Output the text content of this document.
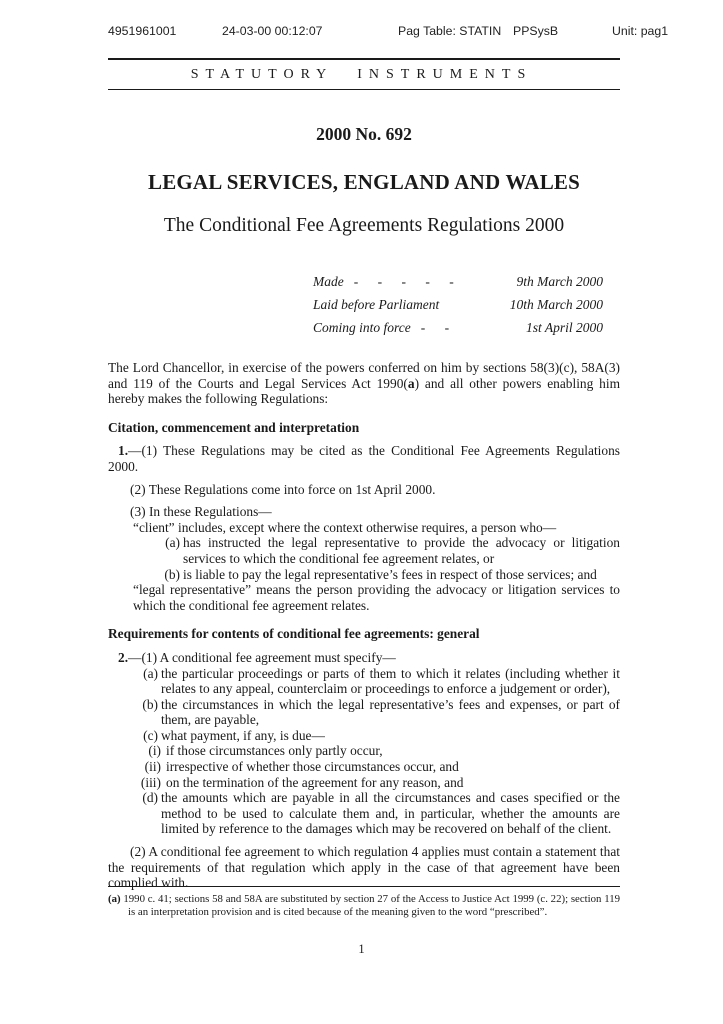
4951961001	24-03-00 00:12:07	Pag Table: STATIN PPSysB	Unit: pag1
STATUTORY INSTRUMENTS
2000 No. 692
LEGAL SERVICES, ENGLAND AND WALES
The Conditional Fee Agreements Regulations 2000
Made - - - - -	9th March 2000
Laid before Parliament	10th March 2000
Coming into force - -	1st April 2000

The Lord Chancellor, in exercise of the powers conferred on him by sections 58(3)(c), 58A(3) and 119 of the Courts and Legal Services Act 1990(a) and all other powers enabling him hereby makes the following Regulations:

Citation, commencement and interpretation

1.—(1) These Regulations may be cited as the Conditional Fee Agreements Regulations 2000.

(2) These Regulations come into force on 1st April 2000.

(3) In these Regulations—

“client” includes, except where the context otherwise requires, a person who—
(a) has instructed the legal representative to provide the advocacy or litigation services to which the conditional fee agreement relates, or
(b) is liable to pay the legal representative’s fees in respect of those services; and
“legal representative” means the person providing the advocacy or litigation services to which the conditional fee agreement relates.

Requirements for contents of conditional fee agreements: general

2.—(1) A conditional fee agreement must specify—

(a) the particular proceedings or parts of them to which it relates (including whether it relates to any appeal, counterclaim or proceedings to enforce a judgement or order),
(b) the circumstances in which the legal representative’s fees and expenses, or part of them, are payable,
(c) what payment, if any, is due—
(i) if those circumstances only partly occur,
(ii) irrespective of whether those circumstances occur, and
(iii) on the termination of the agreement for any reason, and
(d) the amounts which are payable in all the circumstances and cases specified or the method to be used to calculate them and, in particular, whether the amounts are limited by reference to the damages which may be recovered on behalf of the client.

(2) A conditional fee agreement to which regulation 4 applies must contain a statement that the requirements of that regulation which apply in the case of that agreement have been complied with.

(a) 1990 c. 41; sections 58 and 58A are substituted by section 27 of the Access to Justice Act 1999 (c. 22); section 119 is an interpretation provision and is cited because of the meaning given to the word “prescribed”.
1
